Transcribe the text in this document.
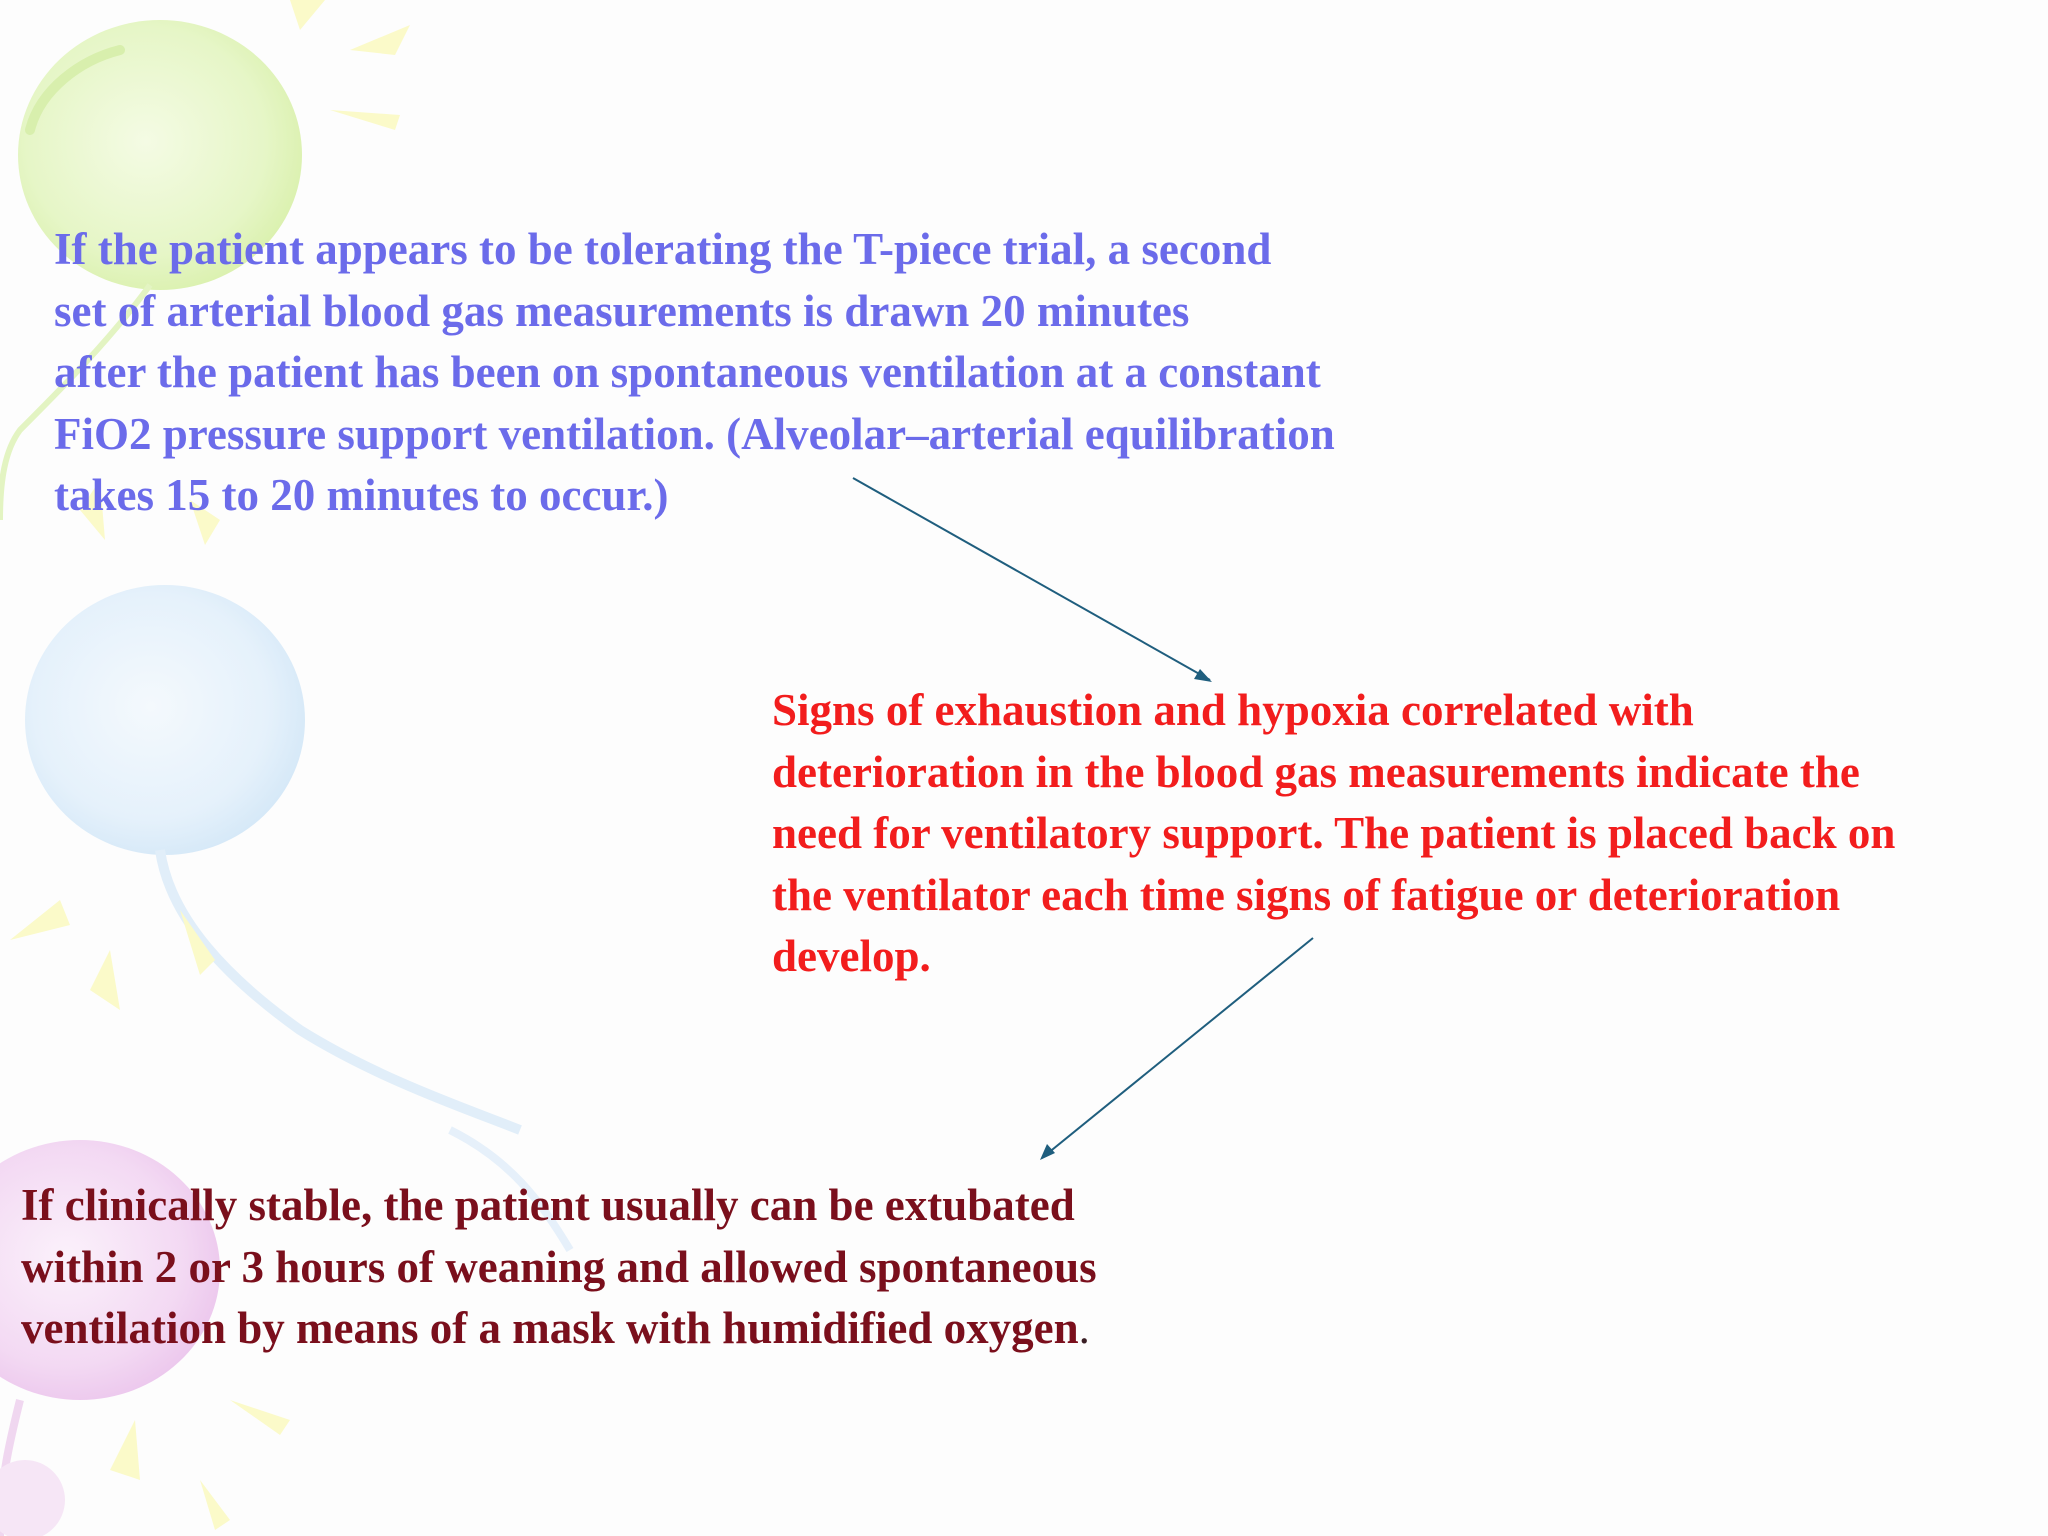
If the patient appears to be tolerating the T-piece trial, a second
set of arterial blood gas measurements is drawn 20 minutes
after the patient has been on spontaneous ventilation at a constant
FiO2 pressure support ventilation. (Alveolar–arterial equilibration
takes 15 to 20 minutes to occur.)
Signs of exhaustion and hypoxia correlated with
deterioration in the blood gas measurements indicate the
need for ventilatory support. The patient is placed back on
the ventilator each time signs of fatigue or deterioration
develop.
If clinically stable, the patient usually can be extubated
within 2 or 3 hours of weaning and allowed spontaneous
ventilation by means of a mask with humidified oxygen.
